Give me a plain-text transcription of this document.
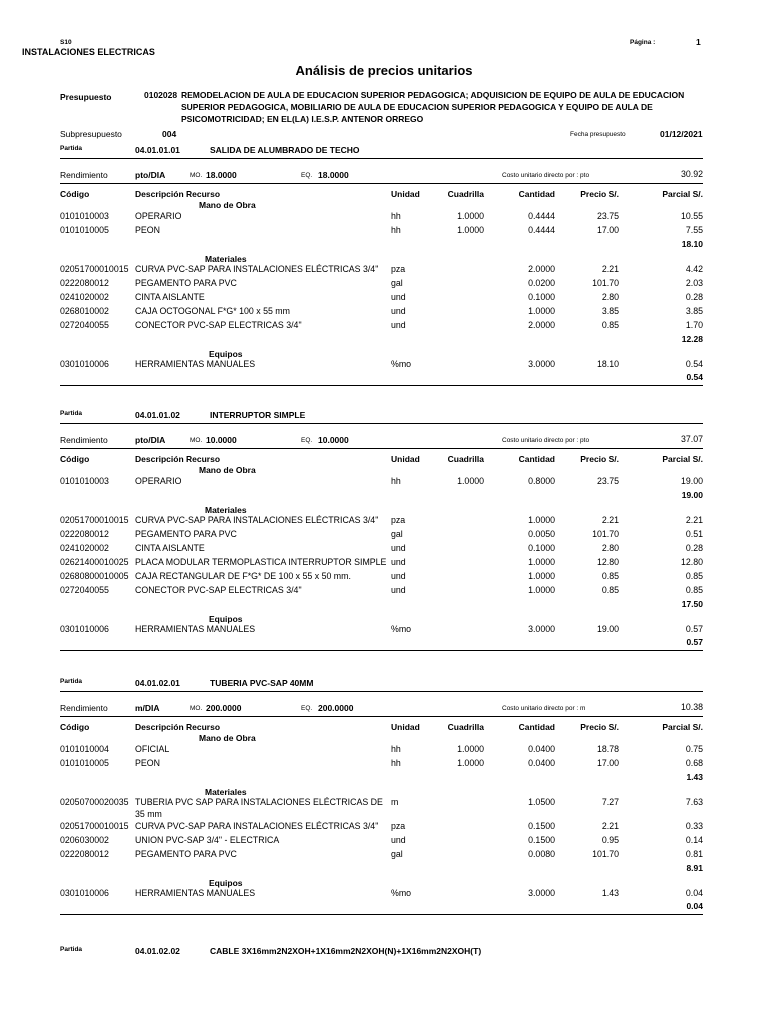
S10
INSTALACIONES ELECTRICAS
Página :	1
Análisis de precios unitarios
Presupuesto	0102028 REMODELACION DE AULA DE EDUCACION SUPERIOR PEDAGOGICA; ADQUISICION DE EQUIPO DE AULA DE EDUCACION
SUPERIOR PEDAGOGICA, MOBILIARIO DE AULA DE EDUCACION SUPERIOR PEDAGOGICA Y EQUIPO DE AULA DE
PSICOMOTRICIDAD; EN EL(LA) I.E.S.P. ANTENOR ORREGO
Subpresupuesto	004	Fecha presupuesto	01/12/2021
Partida	04.01.01.01	SALIDA DE ALUMBRADO DE TECHO
Rendimiento	pto/DIA	MO. 18.0000	EQ. 18.0000	Costo unitario directo por : pto	30.92
Código	Descripción Recurso	Unidad	Cuadrilla	Cantidad	Precio S/.	Parcial S/.
Mano de Obra
0101010003	OPERARIO	hh	1.0000	0.4444	23.75	10.55
0101010005	PEON	hh	1.0000	0.4444	17.00	7.55
18.10
Materiales
02051700010015 CURVA PVC-SAP PARA INSTALACIONES ELÉCTRICAS 3/4" pza	2.0000	2.21	4.42
0222080012	PEGAMENTO PARA PVC	gal	0.0200	101.70	2.03
0241020002	CINTA AISLANTE	und	0.1000	2.80	0.28
0268010002	CAJA OCTOGONAL F*G* 100 x 55 mm	und	1.0000	3.85	3.85
0272040055	CONECTOR PVC-SAP ELECTRICAS 3/4"	und	2.0000	0.85	1.70
12.28
Equipos
0301010006	HERRAMIENTAS MANUALES	%mo	3.0000	18.10	0.54
0.54
Partida	04.01.01.02	INTERRUPTOR SIMPLE
Rendimiento	pto/DIA	MO. 10.0000	EQ. 10.0000	Costo unitario directo por : pto	37.07
Código	Descripción Recurso	Unidad	Cuadrilla	Cantidad	Precio S/.	Parcial S/.
Mano de Obra
0101010003	OPERARIO	hh	1.0000	0.8000	23.75	19.00
19.00
Materiales
02051700010015 CURVA PVC-SAP PARA INSTALACIONES ELÉCTRICAS 3/4" pza	1.0000	2.21	2.21
0222080012	PEGAMENTO PARA PVC	gal	0.0050	101.70	0.51
0241020002	CINTA AISLANTE	und	0.1000	2.80	0.28
02621400010025 PLACA MODULAR TERMOPLASTICA INTERRUPTOR SIMPLE und	1.0000	12.80	12.80
02680800010005 CAJA RECTANGULAR DE F*G* DE 100 x 55 x 50 mm.	und	1.0000	0.85	0.85
0272040055	CONECTOR PVC-SAP ELECTRICAS 3/4"	und	1.0000	0.85	0.85
17.50
Equipos
0301010006	HERRAMIENTAS MANUALES	%mo	3.0000	19.00	0.57
0.57
Partida	04.01.02.01	TUBERIA PVC-SAP 40MM
Rendimiento	m/DIA	MO. 200.0000	EQ. 200.0000	Costo unitario directo por : m	10.38
Código	Descripción Recurso	Unidad	Cuadrilla	Cantidad	Precio S/.	Parcial S/.
Mano de Obra
0101010004	OFICIAL	hh	1.0000	0.0400	18.78	0.75
0101010005	PEON	hh	1.0000	0.0400	17.00	0.68
1.43
Materiales
02050700020035 TUBERIA PVC SAP PARA INSTALACIONES ELÉCTRICAS DE m	1.0500	7.27	7.63
35 mm
02051700010015 CURVA PVC-SAP PARA INSTALACIONES ELÉCTRICAS 3/4" pza	0.1500	2.21	0.33
0206030002	UNION PVC-SAP 3/4" - ELECTRICA	und	0.1500	0.95	0.14
0222080012	PEGAMENTO PARA PVC	gal	0.0080	101.70	0.81
8.91
Equipos
0301010006	HERRAMIENTAS MANUALES	%mo	3.0000	1.43	0.04
0.04
Partida	04.01.02.02	CABLE 3X16mm2N2XOH+1X16mm2N2XOH(N)+1X16mm2N2XOH(T)
